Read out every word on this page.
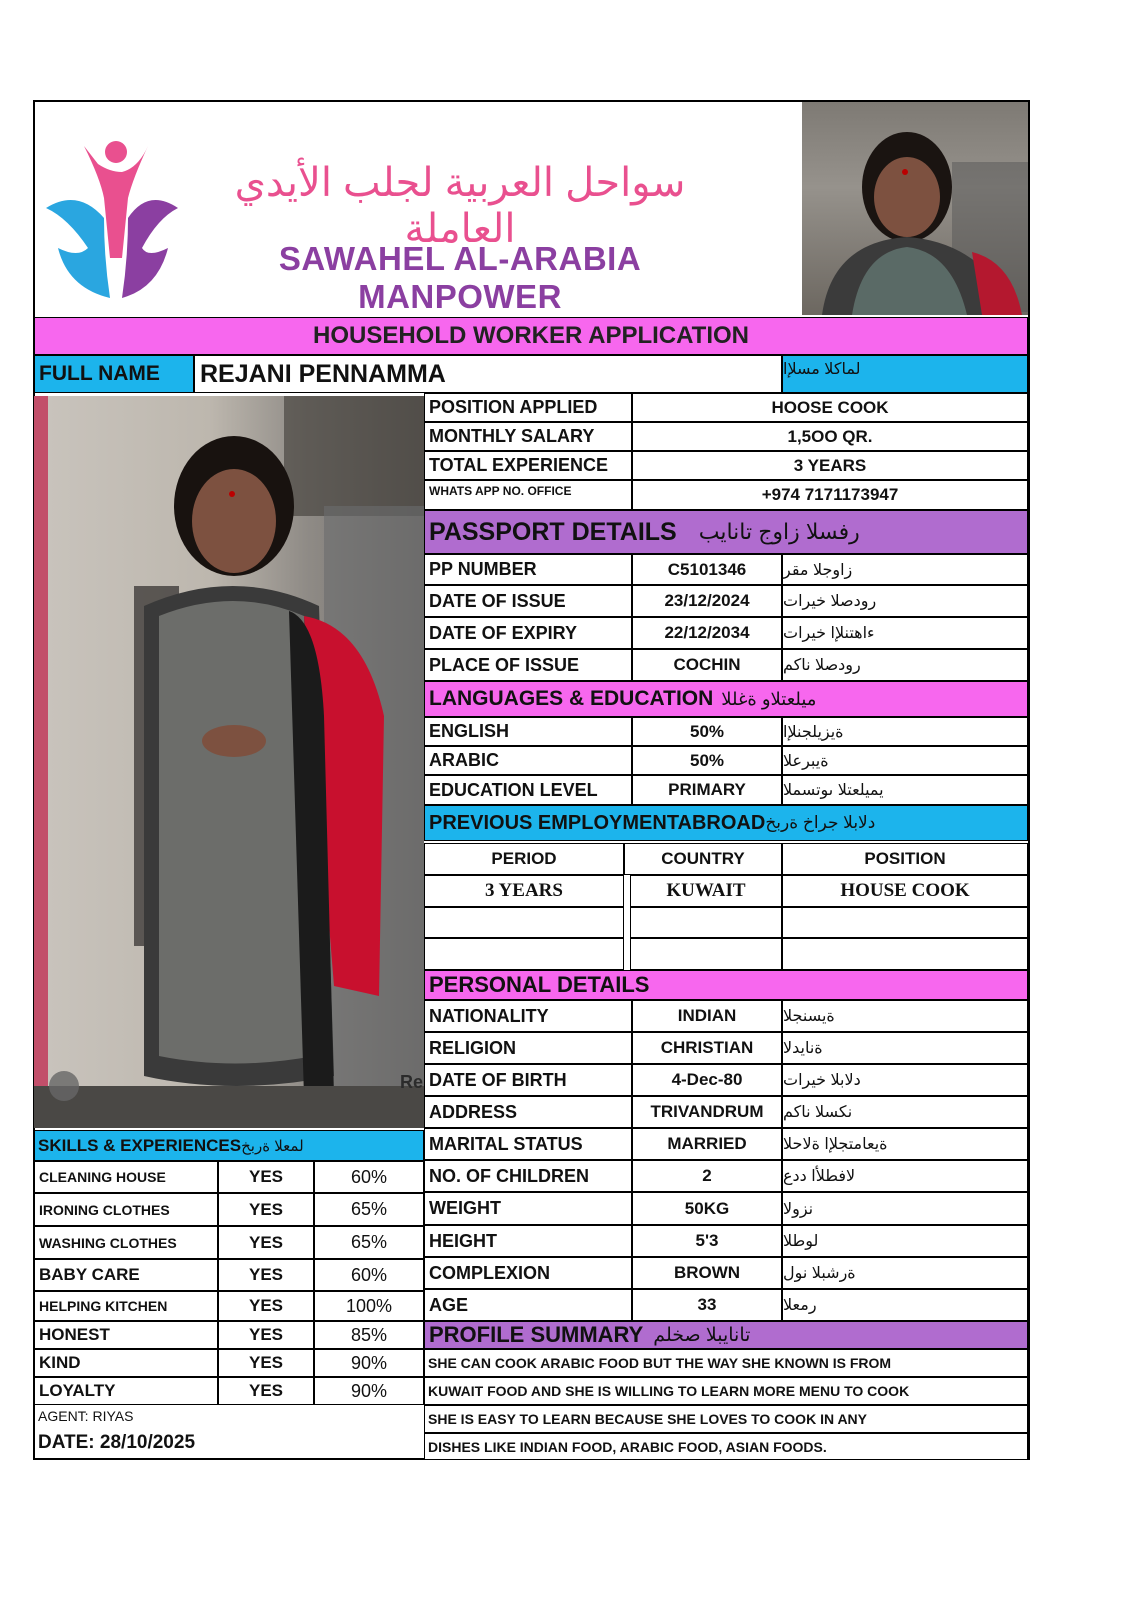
سواحل العربية لجلب الأيدي العاملة
SAWAHEL AL-ARABIA MANPOWER
HOUSEHOLD WORKER APPLICATION
FULL NAME	REJANI PENNAMMA	لماكلا مسلإا
Re
POSITION APPLIED	HOOSE COOK
MONTHLY SALARY	1,5OO QR.
TOTAL EXPERIENCE	3 YEARS
WHATS APP NO. OFFICE	+974 7171173947
PASSPORT DETAILS رفسلا زاوج تانايب
PP NUMBER	C5101346	زاوجلا مقر
DATE OF ISSUE	23/12/2024	رودصلا خيرات
DATE OF EXPIRY	22/12/2034	ءاهتنلإا خيرات
PLACE OF ISSUE	COCHIN	رودصلا ناكم
LANGUAGES & EDUCATION ميلعتلاو ةغللا
ENGLISH	50%	ةيزيلجنلإا
ARABIC	50%	ةيبرعلا
EDUCATION LEVEL	PRIMARY	يميلعتلا ىوتسملا
PREVIOUS EMPLOYMENTABROAD دلابلا جراخ ةربخ
PERIOD	COUNTRY	POSITION
3 YEARS	KUWAIT	HOUSE COOK
PERSONAL DETAILS
NATIONALITY	INDIAN	ةيسنجلا
RELIGION	CHRISTIAN	ةنايدلا
DATE OF BIRTH	4-Dec-80	دلابلا خيرات
ADDRESS	TRIVANDRUM	نكسلا ناكم
MARITAL STATUS	MARRIED	ةيعامتجلإا ةلاحلا
NO. OF CHILDREN	2	لافطلأا ددع
WEIGHT	50KG	نزولا
HEIGHT	5'3	لوطلا
COMPLEXION	BROWN	ةرشبلا نول
AGE	33	رمعلا
PROFILE SUMMARY تانايبلا صخلم
SHE CAN COOK ARABIC FOOD BUT THE WAY SHE KNOWN IS FROM
KUWAIT FOOD AND SHE IS WILLING TO LEARN MORE MENU TO COOK
SHE IS EASY TO LEARN BECAUSE SHE LOVES TO COOK IN ANY
DISHES LIKE INDIAN FOOD, ARABIC FOOD, ASIAN FOODS.
SKILLS & EXPERIENCES لمعلا ةربخ
CLEANING HOUSE	YES	60%
IRONING CLOTHES	YES	65%
WASHING CLOTHES	YES	65%
BABY CARE	YES	60%
HELPING KITCHEN	YES	100%
HONEST	YES	85%
KIND	YES	90%
LOYALTY	YES	90%
AGENT: RIYAS
DATE: 28/10/2025
